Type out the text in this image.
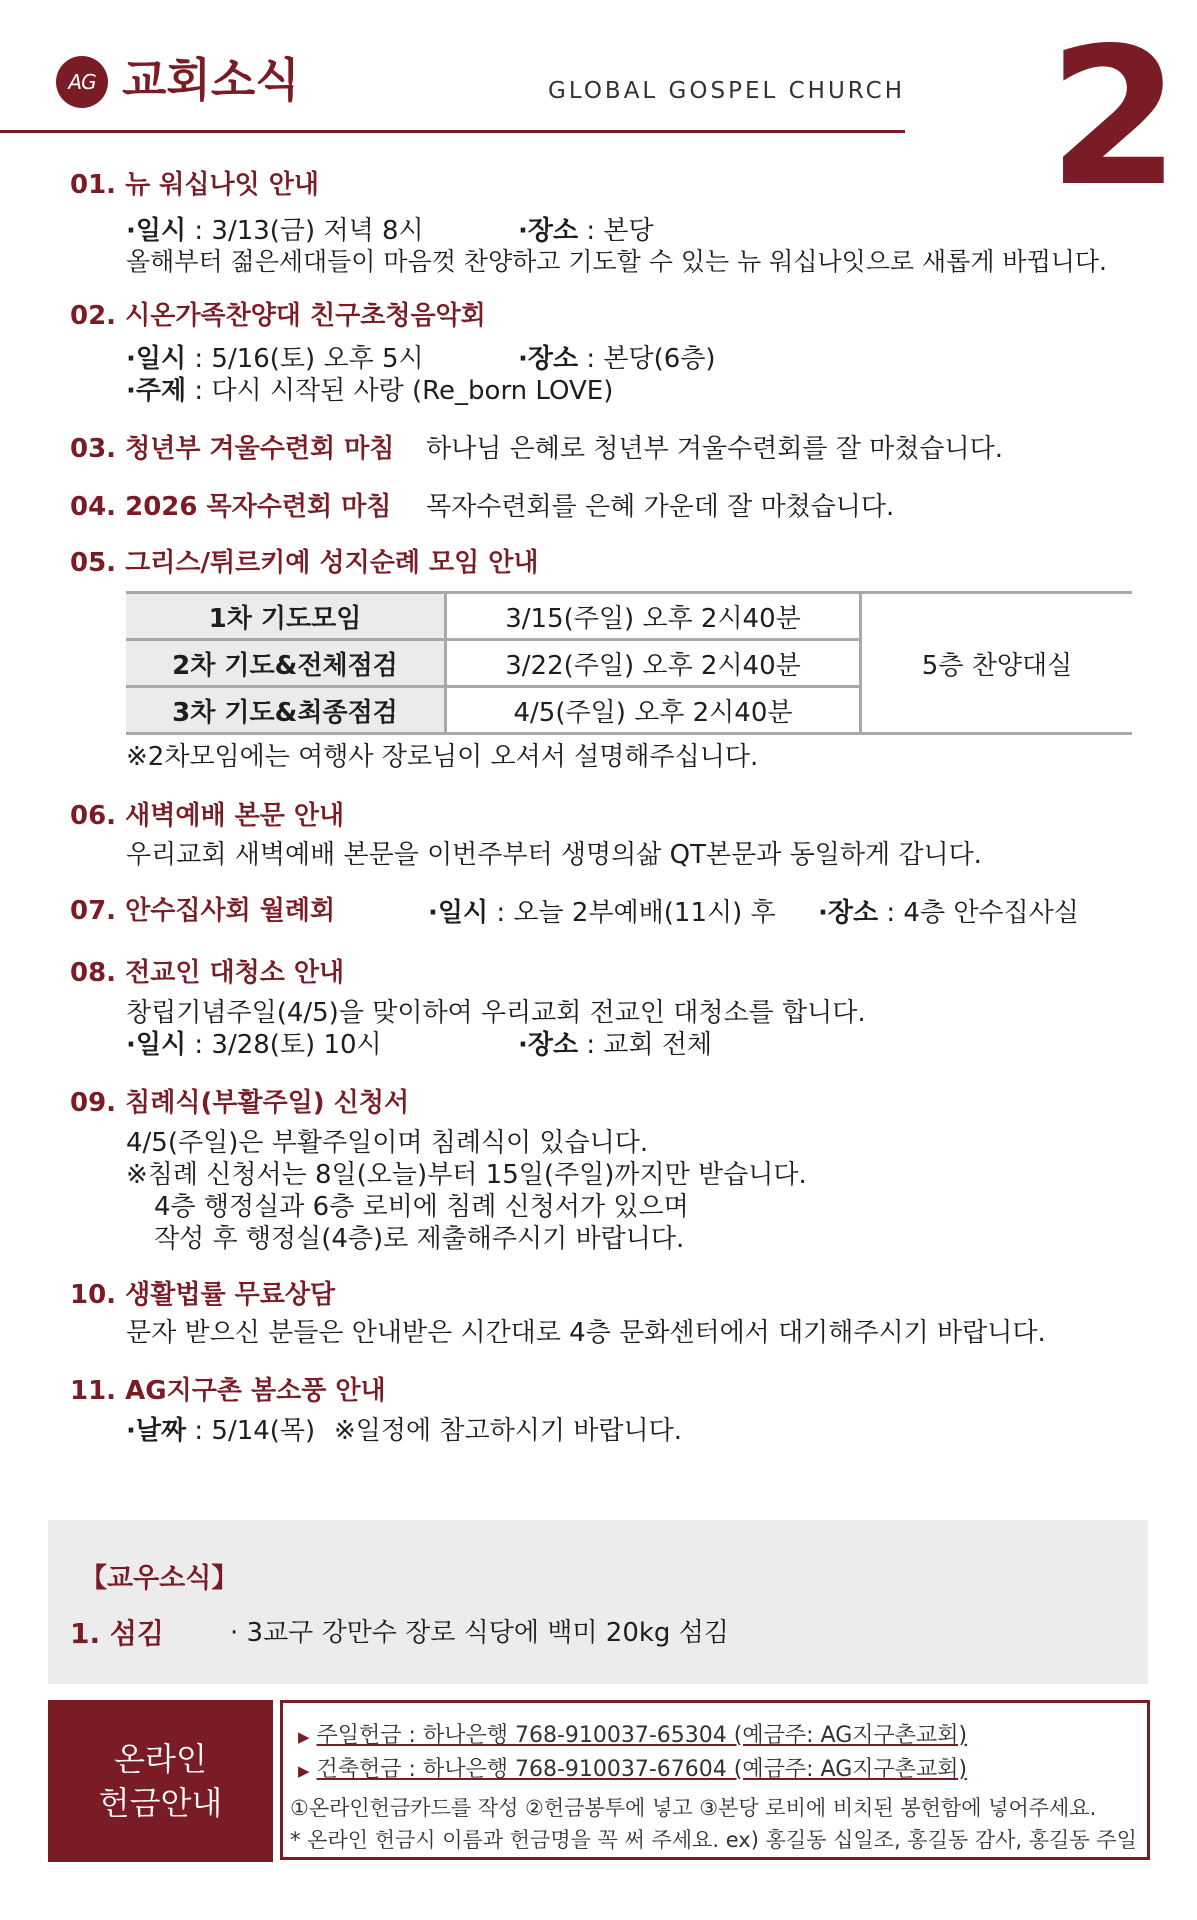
AG 교회소식	GLOBAL GOSPEL CHURCH 2
01. 뉴 워십나잇 안내
·일시 : 3/13(금) 저녁 8시	·장소 : 본당
올해부터 젊은세대들이 마음껏 찬양하고 기도할 수 있는 뉴 워십나잇으로 새롭게 바뀝니다.
02. 시온가족찬양대 친구초청음악회
·일시 : 5/16(토) 오후 5시	·장소 : 본당(6층)
·주제 : 다시 시작된 사랑 (Re_born LOVE)
03. 청년부 겨울수련회 마침 하나님 은혜로 청년부 겨울수련회를 잘 마쳤습니다.
04. 2026 목자수련회 마침 목자수련회를 은혜 가운데 잘 마쳤습니다.
05. 그리스/튀르키예 성지순례 모임 안내
1차 기도모임	3/15(주일) 오후 2시40분	5층 찬양대실
2차 기도&전체점검	3/22(주일) 오후 2시40분	
3차 기도&최종점검	4/5(주일) 오후 2시40분	
※2차모임에는 여행사 장로님이 오셔서 설명해주십니다.
06. 새벽예배 본문 안내
우리교회 새벽예배 본문을 이번주부터 생명의삶 QT본문과 동일하게 갑니다.
07. 안수집사회 월례회	·일시 : 오늘 2부예배(11시) 후 ·장소 : 4층 안수집사실
08. 전교인 대청소 안내
창립기념주일(4/5)을 맞이하여 우리교회 전교인 대청소를 합니다.
·일시 : 3/28(토) 10시	·장소 : 교회 전체
09. 침례식(부활주일) 신청서
4/5(주일)은 부활주일이며 침례식이 있습니다.
※침례 신청서는 8일(오늘)부터 15일(주일)까지만 받습니다.
4층 행정실과 6층 로비에 침례 신청서가 있으며
작성 후 행정실(4층)로 제출해주시기 바랍니다.
10. 생활법률 무료상담
문자 받으신 분들은 안내받은 시간대로 4층 문화센터에서 대기해주시기 바랍니다.
11. AG지구촌 봄소풍 안내
·날짜 : 5/14(목) ※일정에 참고하시기 바랍니다.
【교우소식】
1. 섬김	· 3교구 강만수 장로 식당에 백미 20kg 섬김
온라인
헌금안내
▶ 주일헌금 : 하나은행 768-910037-65304 (예금주: AG지구촌교회)
▶ 건축헌금 : 하나은행 768-910037-67604 (예금주: AG지구촌교회)
①온라인헌금카드를 작성 ②헌금봉투에 넣고 ③본당 로비에 비치된 봉헌함에 넣어주세요.
* 온라인 헌금시 이름과 헌금명을 꼭 써 주세요. ex) 홍길동 십일조, 홍길동 감사, 홍길동 주일
